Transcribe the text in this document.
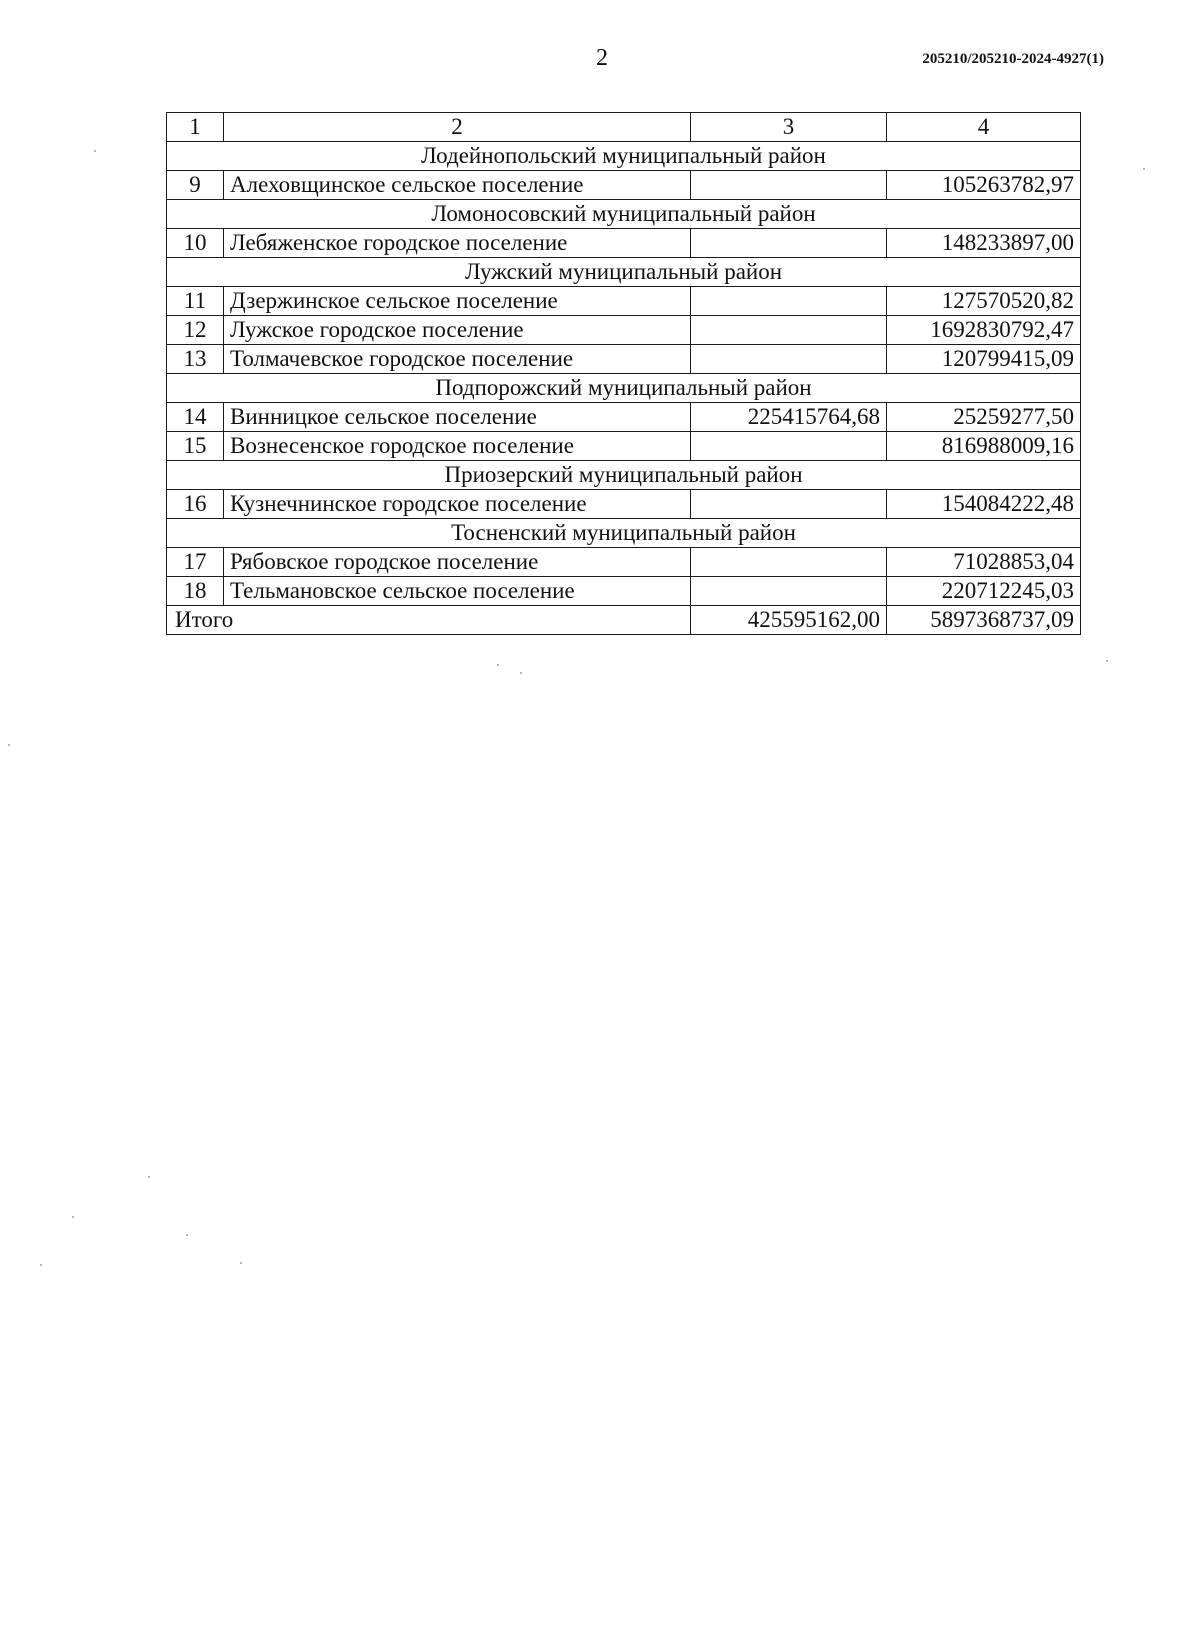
2	205210/205210-2024-4927(1)
1	2	3	4
Лодейнопольский муниципальный район			
9	Алеховщинское сельское поселение		105263782,97
Ломоносовский муниципальный район			
10	Лебяженское городское поселение		148233897,00
Лужский муниципальный район			
11	Дзержинское сельское поселение		127570520,82
12	Лужское городское поселение		1692830792,47
13	Толмачевское городское поселение		120799415,09
Подпорожский муниципальный район			
14	Винницкое сельское поселение	225415764,68	25259277,50
15	Вознесенское городское поселение		816988009,16
Приозерский муниципальный район			
16	Кузнечнинское городское поселение		154084222,48
Тосненский муниципальный район			
17	Рябовское городское поселение		71028853,04
18	Тельмановское сельское поселение		220712245,03
Итого		425595162,00	5897368737,09
